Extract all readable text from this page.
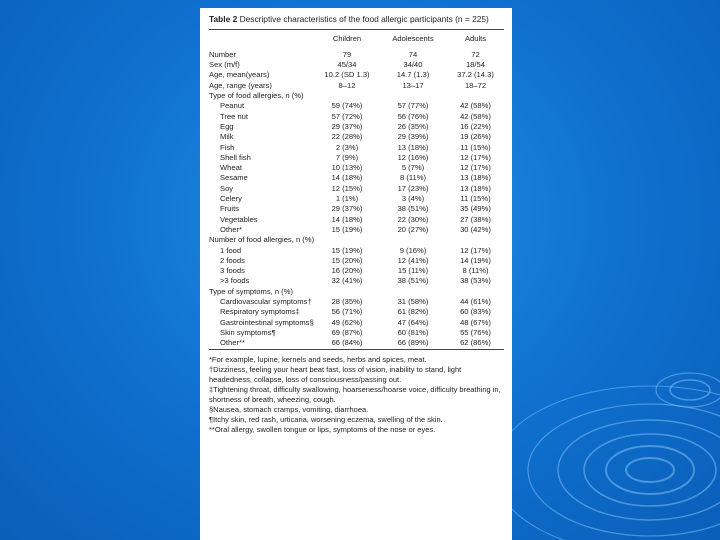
Table 2 Descriptive characteristics of the food allergic participants (n = 225)
	Children	Adolescents	Adults
Number	79	74	72
Sex (m/f)	45/34	34/40	18/54
Age, mean(years)	10.2 (SD 1.3)	14.7 (1.3)	37.2 (14.3)
Age, range (years)	8–12	13–17	18–72
Type of food allergies, n (%)			
Peanut	59 (74%)	57 (77%)	42 (58%)
Tree nut	57 (72%)	56 (76%)	42 (58%)
Egg	29 (37%)	26 (35%)	16 (22%)
Milk	22 (28%)	29 (39%)	19 (26%)
Fish	2 (3%)	13 (18%)	11 (15%)
Shell fish	7 (9%)	12 (16%)	12 (17%)
Wheat	10 (13%)	5 (7%)	12 (17%)
Sesame	14 (18%)	8 (11%)	13 (18%)
Soy	12 (15%)	17 (23%)	13 (18%)
Celery	1 (1%)	3 (4%)	11 (15%)
Fruits	29 (37%)	38 (51%)	35 (49%)
Vegetables	14 (18%)	22 (30%)	27 (38%)
Other*	15 (19%)	20 (27%)	30 (42%)
Number of food allergies, n (%)			
1 food	15 (19%)	9 (16%)	12 (17%)
2 foods	15 (20%)	12 (41%)	14 (19%)
3 foods	16 (20%)	15 (11%)	8 (11%)
>3 foods	32 (41%)	38 (51%)	38 (53%)
Type of symptoms, n (%)			
Cardiovascular symptoms†	28 (35%)	31 (58%)	44 (61%)
Respiratory symptoms‡	56 (71%)	61 (82%)	60 (83%)
Gastrointestinal symptoms§	49 (62%)	47 (64%)	48 (67%)
Skin symptoms¶	69 (87%)	60 (81%)	55 (76%)
Other**	66 (84%)	66 (89%)	62 (86%)
*For example, lupine, kernels and seeds, herbs and spices, meat.
†Dizziness, feeling your heart beat fast, loss of vision, inability to stand, light headedness, collapse, loss of consciousness/passing out.
‡Tightening throat, difficulty swallowing, hoarseness/hoarse voice, difficulty breathing in, shortness of breath, wheezing, cough.
§Nausea, stomach cramps, vomiting, diarrhoea.
¶Itchy skin, red rash, urticaria, worsening eczema, swelling of the skin.
**Oral allergy, swollen tongue or lips, symptoms of the nose or eyes.
